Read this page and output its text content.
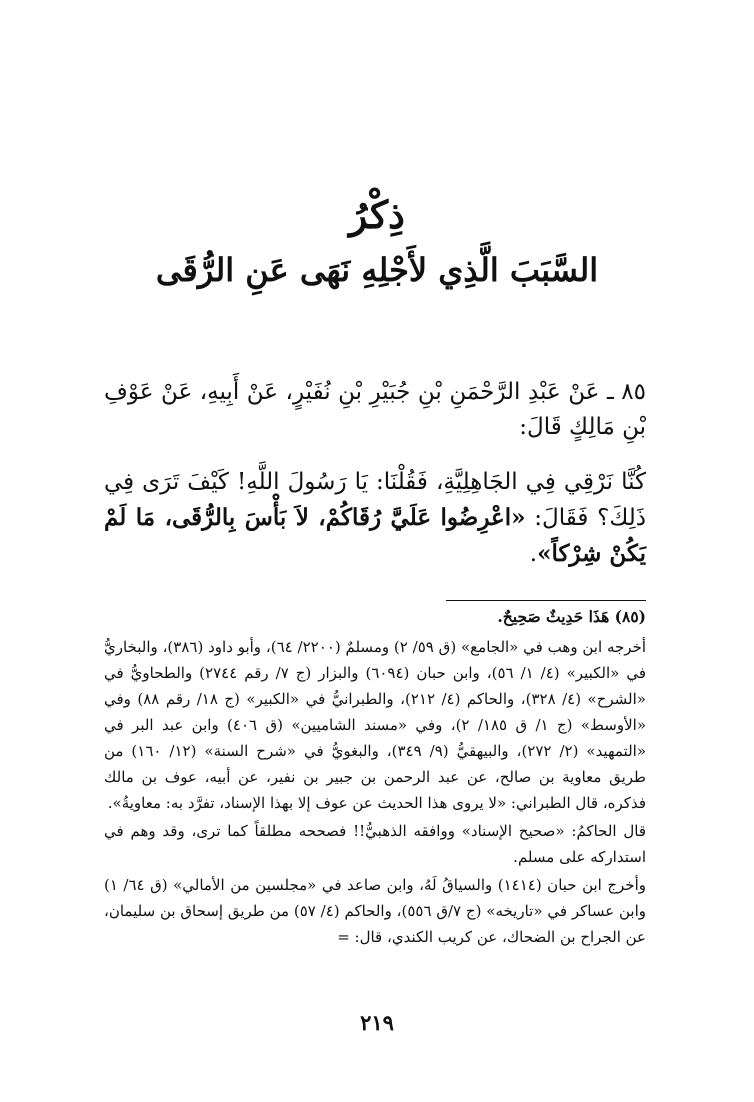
ذِكْرُ
السَّبَبَ الَّذِي لأَجْلِهِ نَهَى عَنِ الرُّقَى

٨٥ ـ عَنْ عَبْدِ الرَّحْمَنِ بْنِ جُبَيْرِ بْنِ نُفَيْرٍ، عَنْ أَبِيهِ، عَنْ عَوْفِ بْنِ مَالِكٍ قَالَ:

كُنَّا نَرْقِي فِي الجَاهِلِيَّةِ، فَقُلْنَا: يَا رَسُولَ اللَّهِ! كَيْفَ تَرَى فِي ذَلِكَ؟ فَقَالَ: «اعْرِضُوا عَلَيَّ رُقَاكُمْ، لاَ بَأْسَ بِالرُّقَى، مَا لَمْ يَكُنْ شِرْكاً».

(٨٥) هَذَا حَدِيثٌ صَحِيحٌ.

أخرجه ابن وهب في «الجامع» (ق ٥٩/ ٢) ومسلمٌ (٢٢٠٠/ ٦٤)، وأبو داود (٣٨٦)، والبخاريُّ في «الكبير» (٤/ ١/ ٥٦)، وابن حبان (٦٠٩٤) والبزار (ج ٧/ رقم ٢٧٤٤) والطحاويُّ في «الشرح» (٤/ ٣٢٨)، والحاكم (٤/ ٢١٢)، والطبرانيُّ في «الكبير» (ج ١٨/ رقم ٨٨) وفي «الأوسط» (ج ١/ ق ١٨٥/ ٢)، وفي «مسند الشاميين» (ق ٤٠٦) وابن عبد البر في «التمهيد» (٢/ ٢٧٢)، والبيهقيُّ (٩/ ٣٤٩)، والبغويُّ في «شرح السنة» (١٢/ ١٦٠) من طريق معاوية بن صالح، عن عبد الرحمن بن جبير بن نفير، عن أبيه، عوف بن مالك فذكره، قال الطبراني: «لا يروى هذا الحديث عن عوف إلا بهذا الإسناد، تفرَّد به: معاويةُ».

قال الحاكمُ: «صحيح الإسناد» ووافقه الذهبيُّ!! فصححه مطلقاً كما ترى، وقد وهم في استداركه على مسلم.

وأخرج ابن حبان (١٤١٤) والسياقُ لَهُ، وابن صاعد في «مجلسين من الأمالي» (ق ٦٤/ ١) وابن عساكر في «تاريخه» (ج ٧/ق ٥٥٦)، والحاكم (٤/ ٥٧) من طريق إسحاق بن سليمان، عن الجراح بن الضحاك، عن كريب الكندي، قال: =

٢١٩
